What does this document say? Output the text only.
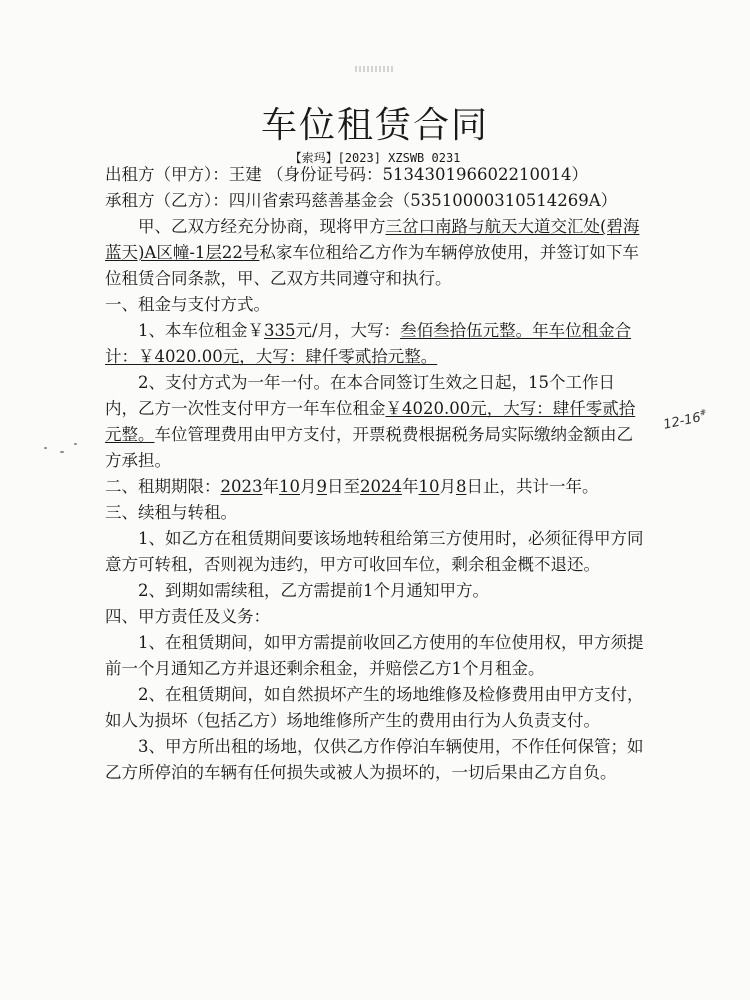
车位租赁合同
【索玛】[2023] XZSWB 0231

出租方（甲方）：王建 （身份证号码：513430196602210014）

承租方（乙方）：四川省索玛慈善基金会（53510000310514269A）

甲、乙双方经充分协商，现将甲方三岔口南路与航天大道交汇处(碧海蓝天)A区幢-1层22号私家车位租给乙方作为车辆停放使用，并签订如下车位租赁合同条款，甲、乙双方共同遵守和执行。

一、租金与支付方式。

1、本车位租金￥335元/月，大写：叁佰叁拾伍元整。年车位租金合计：￥4020.00元，大写：肆仟零贰拾元整。

2、支付方式为一年一付。在本合同签订生效之日起，15个工作日内，乙方一次性支付甲方一年车位租金￥4020.00元，大写：肆仟零贰拾元整。车位管理费用由甲方支付，开票税费根据税务局实际缴纳金额由乙方承担。

二、租期期限：2023年10月9日至2024年10月8日止，共计一年。

三、续租与转租。

1、如乙方在租赁期间要该场地转租给第三方使用时，必须征得甲方同意方可转租，否则视为违约，甲方可收回车位，剩余租金概不退还。

2、到期如需续租，乙方需提前1个月通知甲方。

四、甲方责任及义务：

1、在租赁期间，如甲方需提前收回乙方使用的车位使用权，甲方须提前一个月通知乙方并退还剩余租金，并赔偿乙方1个月租金。

2、在租赁期间，如自然损坏产生的场地维修及检修费用由甲方支付，如人为损坏（包括乙方）场地维修所产生的费用由行为人负责支付。

3、甲方所出租的场地，仅供乙方作停泊车辆使用，不作任何保管；如乙方所停泊的车辆有任何损失或被人为损坏的，一切后果由乙方自负。

12-16#
